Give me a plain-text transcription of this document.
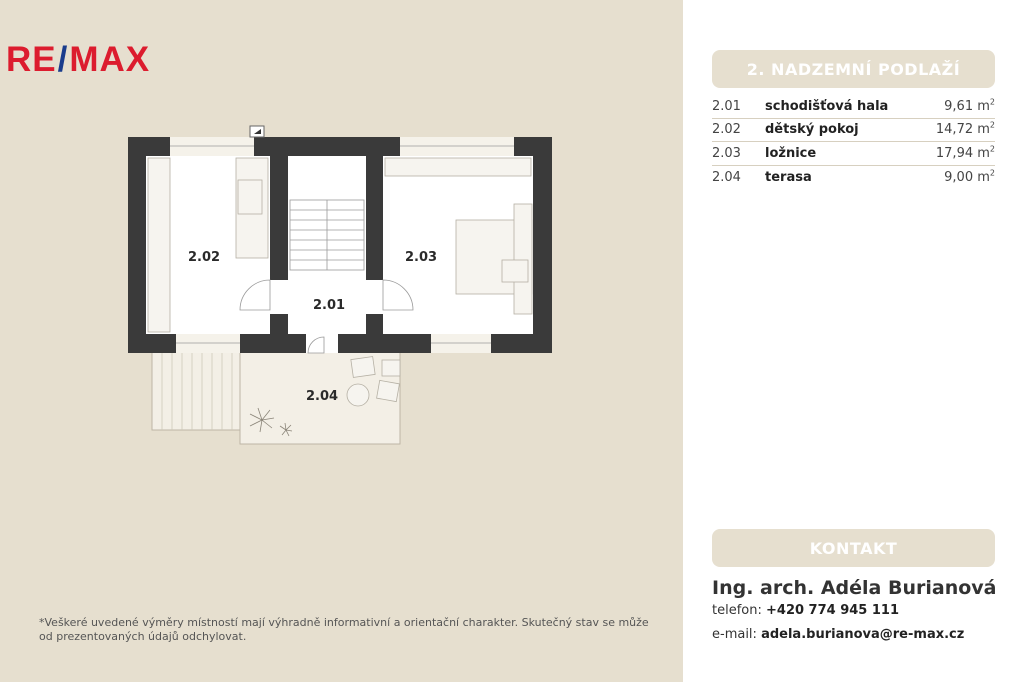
RE / MAX
2.02
2.01
2.03
2.04
*Veškeré uvedené výměry místností mají výhradně informativní a orientační charakter. Skutečný stav se může od prezentovaných údajů odchylovat.
2. NADZEMNÍ PODLAŽÍ
2.01	schodišťová hala	9,61 $m^2$
2.02	dětský pokoj	14,72 $m^2$
2.03	ložnice	17,94 $m^2$
2.04	terasa	9,00 $m^2$
KONTAKT
Ing. arch. Adéla Burianová
telefon: +420 774 945 111
e-mail: adela.burianova@re-max.cz
